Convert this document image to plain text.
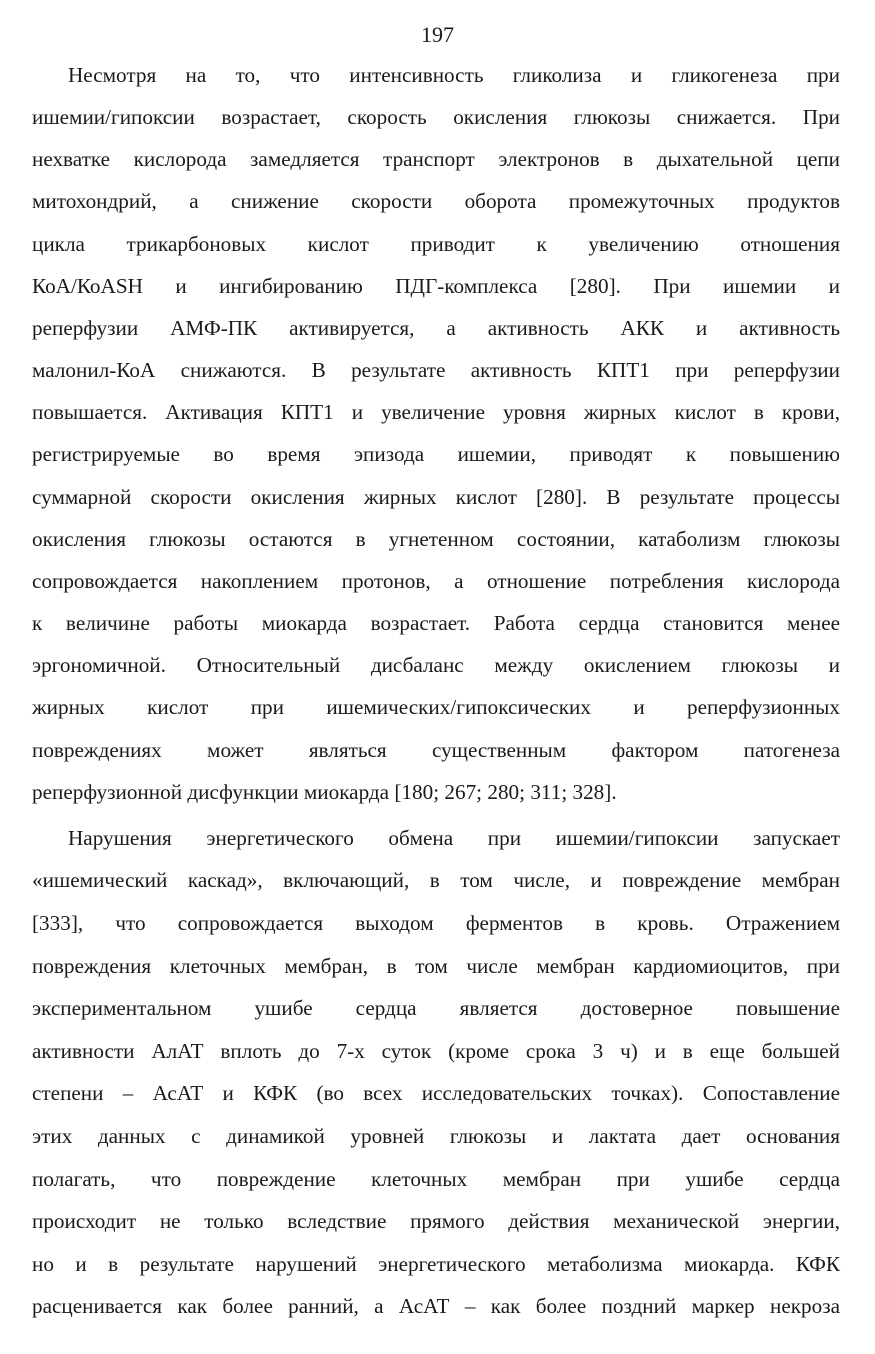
197

Несмотря на то, что интенсивность гликолиза и гликогенеза при
ишемии/гипоксии возрастает, скорость окисления глюкозы снижается. При
нехватке кислорода замедляется транспорт электронов в дыхательной цепи
митохондрий, а снижение скорости оборота промежуточных продуктов
цикла трикарбоновых кислот приводит к увеличению отношения
КоА/КоASH и ингибированию ПДГ-комплекса [280]. При ишемии и
реперфузии АМФ-ПК активируется, а активность АКК и активность
малонил-КоА снижаются. В результате активность КПТ1 при реперфузии
повышается. Активация КПТ1 и увеличение уровня жирных кислот в крови,
регистрируемые во время эпизода ишемии, приводят к повышению
суммарной скорости окисления жирных кислот [280]. В результате процессы
окисления глюкозы остаются в угнетенном состоянии, катаболизм глюкозы
сопровождается накоплением протонов, а отношение потребления кислорода
к величине работы миокарда возрастает. Работа сердца становится менее
эргономичной. Относительный дисбаланс между окислением глюкозы и
жирных кислот при ишемических/гипоксических и реперфузионных
повреждениях может являться существенным фактором патогенеза
реперфузионной дисфункции миокарда [180; 267; 280; 311; 328].

Нарушения энергетического обмена при ишемии/гипоксии запускает
«ишемический каскад», включающий, в том числе, и повреждение мембран
[333], что сопровождается выходом ферментов в кровь. Отражением
повреждения клеточных мембран, в том числе мембран кардиомиоцитов, при
экспериментальном ушибе сердца является достоверное повышение
активности АлАТ вплоть до 7-х суток (кроме срока 3 ч) и в еще большей
степени – АсАТ и КФК (во всех исследовательских точках). Сопоставление
этих данных с динамикой уровней глюкозы и лактата дает основания
полагать, что повреждение клеточных мембран при ушибе сердца
происходит не только вследствие прямого действия механической энергии,
но и в результате нарушений энергетического метаболизма миокарда. КФК
расценивается как более ранний, а АсАТ – как более поздний маркер некроза
